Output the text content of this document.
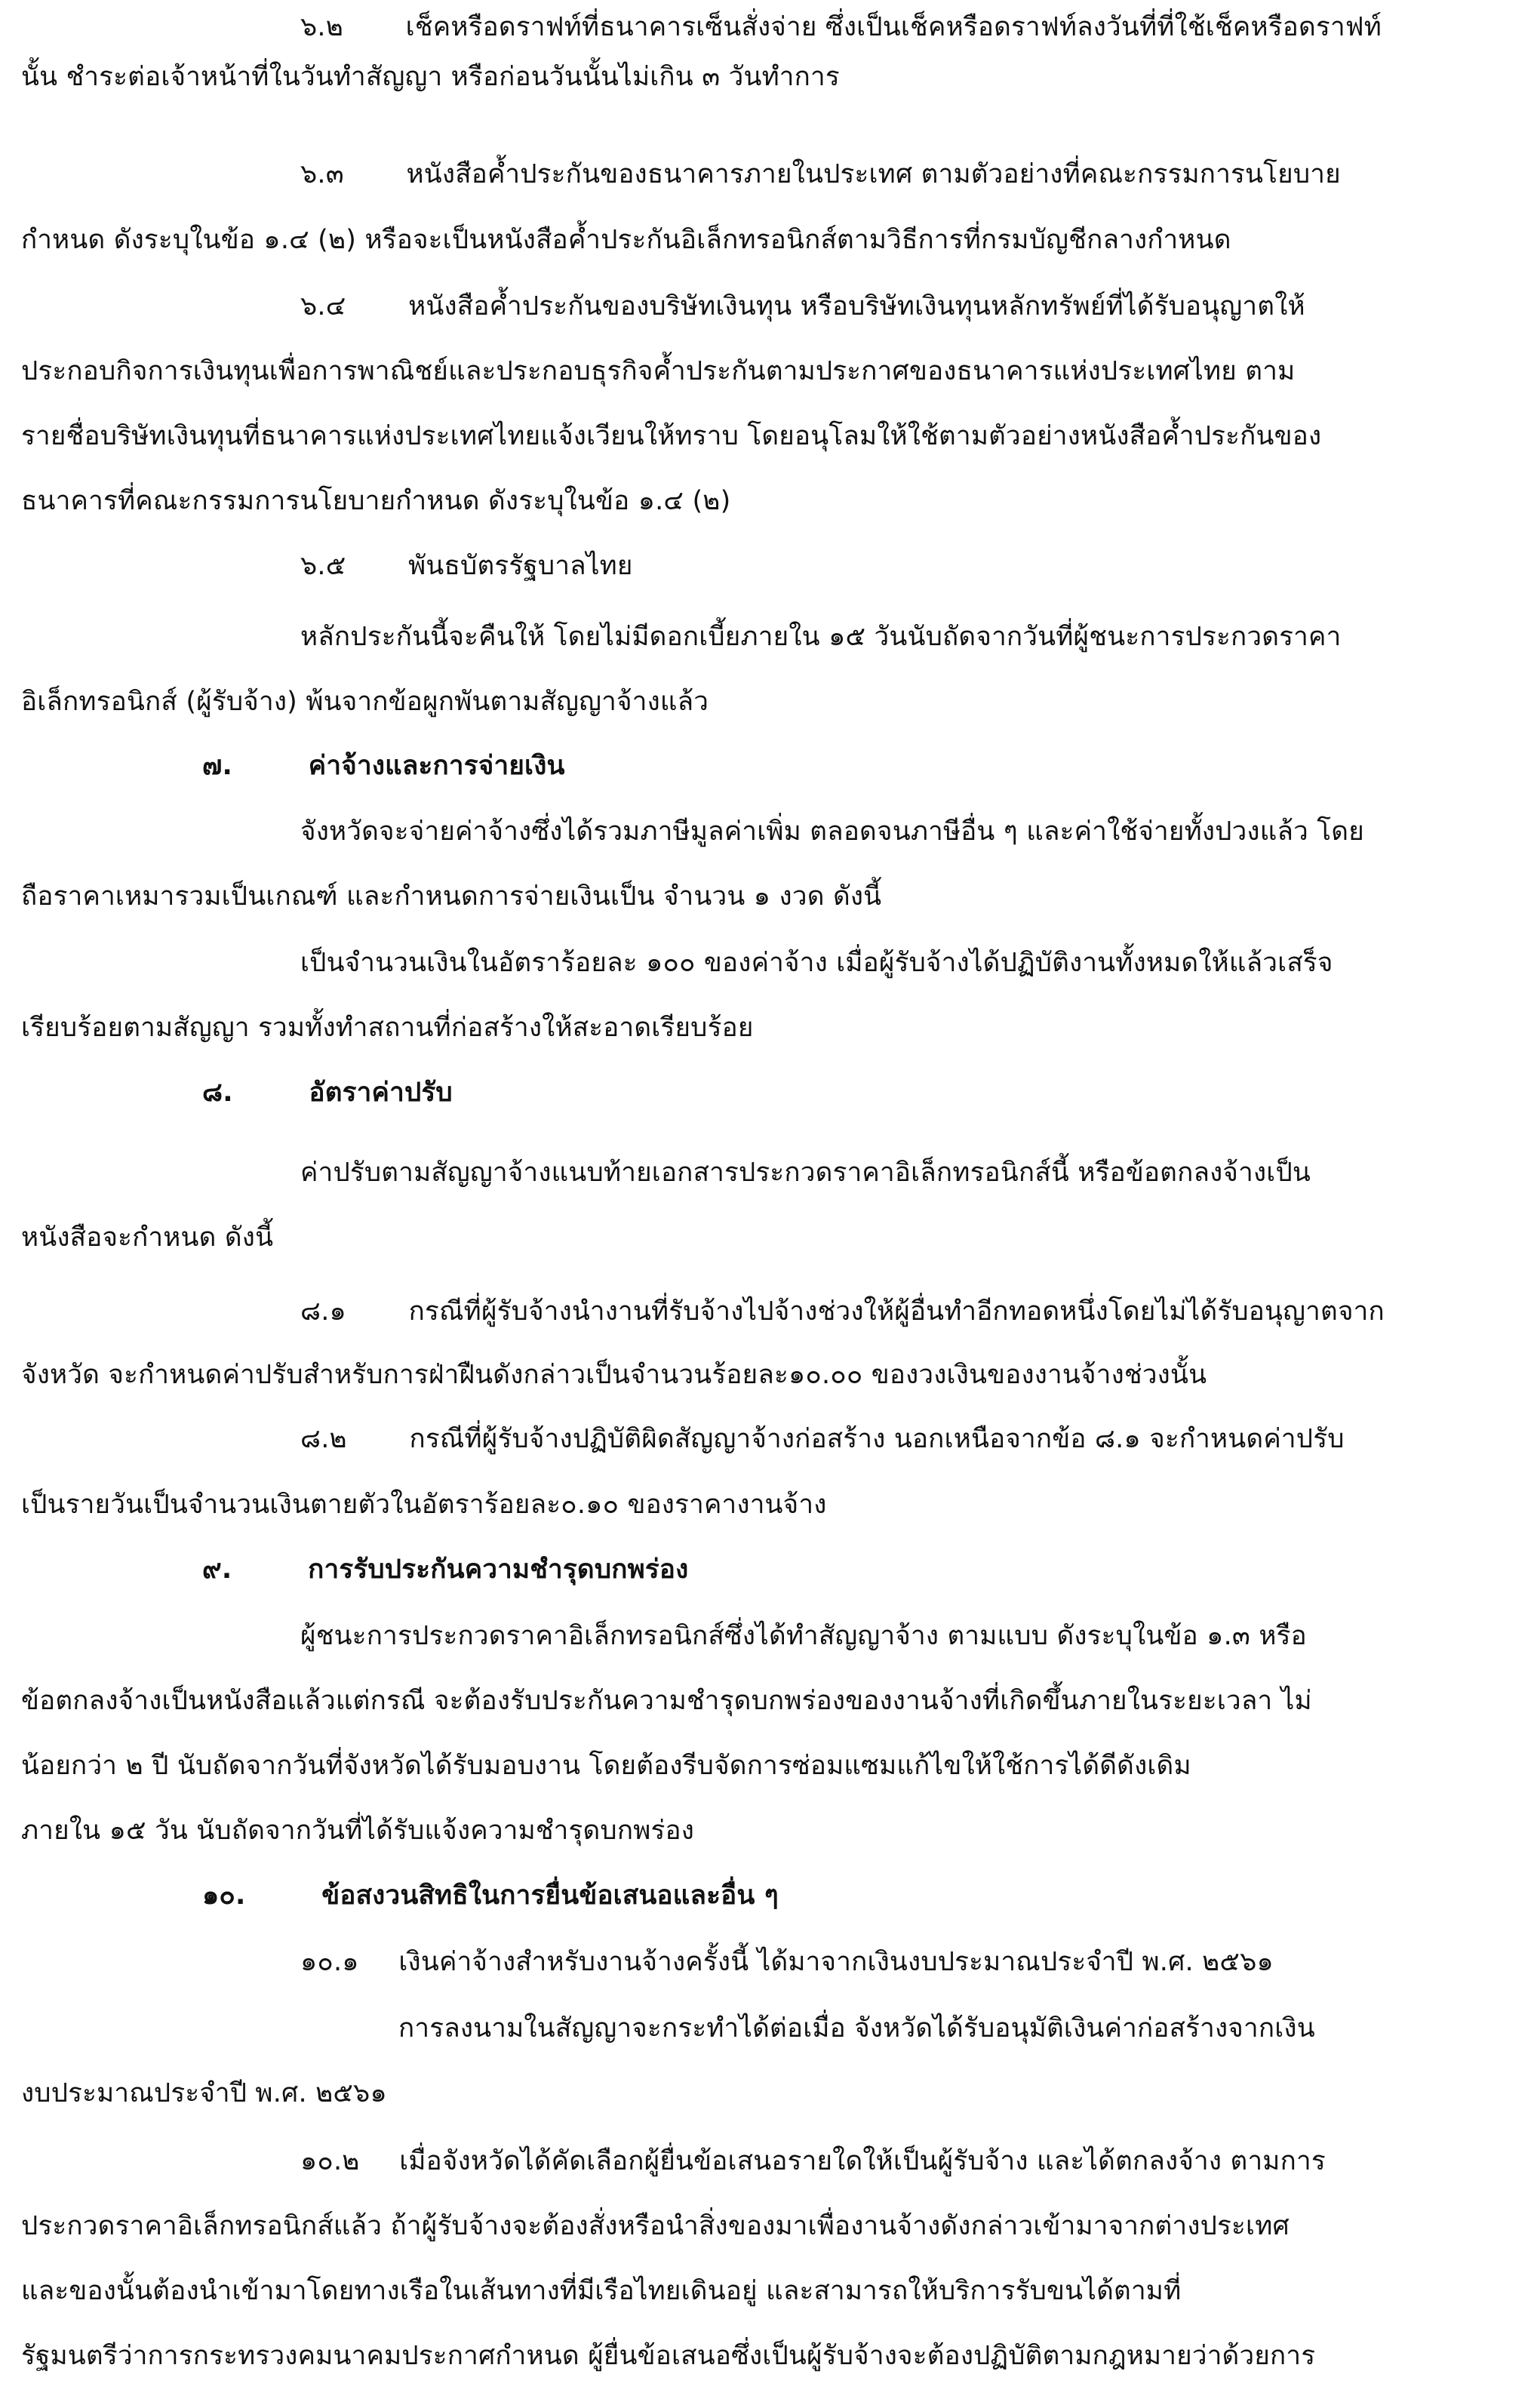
๖.๒ เช็คหรือดราฟท์ที่ธนาคารเซ็นสั่งจ่าย ซึ่งเป็นเช็คหรือดราฟท์ลงวันที่ที่ใช้เช็คหรือดราฟท์
นั้น ชำระต่อเจ้าหน้าที่ในวันทำสัญญา หรือก่อนวันนั้นไม่เกิน ๓ วันทำการ
๖.๓ หนังสือค้ำประกันของธนาคารภายในประเทศ ตามตัวอย่างที่คณะกรรมการนโยบาย
กำหนด ดังระบุในข้อ ๑.๔ (๒) หรือจะเป็นหนังสือค้ำประกันอิเล็กทรอนิกส์ตามวิธีการที่กรมบัญชีกลางกำหนด
๖.๔ หนังสือค้ำประกันของบริษัทเงินทุน หรือบริษัทเงินทุนหลักทรัพย์ที่ได้รับอนุญาตให้
ประกอบกิจการเงินทุนเพื่อการพาณิชย์และประกอบธุรกิจค้ำประกันตามประกาศของธนาคารแห่งประเทศไทย ตาม
รายชื่อบริษัทเงินทุนที่ธนาคารแห่งประเทศไทยแจ้งเวียนให้ทราบ โดยอนุโลมให้ใช้ตามตัวอย่างหนังสือค้ำประกันของ
ธนาคารที่คณะกรรมการนโยบายกำหนด ดังระบุในข้อ ๑.๔ (๒)
๖.๕ พันธบัตรรัฐบาลไทย
หลักประกันนี้จะคืนให้ โดยไม่มีดอกเบี้ยภายใน ๑๕ วันนับถัดจากวันที่ผู้ชนะการประกวดราคา
อิเล็กทรอนิกส์ (ผู้รับจ้าง) พ้นจากข้อผูกพันตามสัญญาจ้างแล้ว
๗.	ค่าจ้างและการจ่ายเงิน
จังหวัดจะจ่ายค่าจ้างซึ่งได้รวมภาษีมูลค่าเพิ่ม ตลอดจนภาษีอื่น ๆ และค่าใช้จ่ายทั้งปวงแล้ว โดย
ถือราคาเหมารวมเป็นเกณฑ์ และกำหนดการจ่ายเงินเป็น จำนวน ๑ งวด ดังนี้
เป็นจำนวนเงินในอัตราร้อยละ ๑๐๐ ของค่าจ้าง เมื่อผู้รับจ้างได้ปฏิบัติงานทั้งหมดให้แล้วเสร็จ
เรียบร้อยตามสัญญา รวมทั้งทำสถานที่ก่อสร้างให้สะอาดเรียบร้อย
๘.	อัตราค่าปรับ
ค่าปรับตามสัญญาจ้างแนบท้ายเอกสารประกวดราคาอิเล็กทรอนิกส์นี้ หรือข้อตกลงจ้างเป็น
หนังสือจะกำหนด ดังนี้
๘.๑ กรณีที่ผู้รับจ้างนำงานที่รับจ้างไปจ้างช่วงให้ผู้อื่นทำอีกทอดหนึ่งโดยไม่ได้รับอนุญาตจาก
จังหวัด จะกำหนดค่าปรับสำหรับการฝ่าฝืนดังกล่าวเป็นจำนวนร้อยละ๑๐.๐๐ ของวงเงินของงานจ้างช่วงนั้น
๘.๒ กรณีที่ผู้รับจ้างปฏิบัติผิดสัญญาจ้างก่อสร้าง นอกเหนือจากข้อ ๘.๑ จะกำหนดค่าปรับ
เป็นรายวันเป็นจำนวนเงินตายตัวในอัตราร้อยละ๐.๑๐ ของราคางานจ้าง
๙.	การรับประกันความชำรุดบกพร่อง
ผู้ชนะการประกวดราคาอิเล็กทรอนิกส์ซึ่งได้ทำสัญญาจ้าง ตามแบบ ดังระบุในข้อ ๑.๓ หรือ
ข้อตกลงจ้างเป็นหนังสือแล้วแต่กรณี จะต้องรับประกันความชำรุดบกพร่องของงานจ้างที่เกิดขึ้นภายในระยะเวลา ไม่
น้อยกว่า ๒ ปี นับถัดจากวันที่จังหวัดได้รับมอบงาน โดยต้องรีบจัดการซ่อมแซมแก้ไขให้ใช้การได้ดีดังเดิม
ภายใน ๑๕ วัน นับถัดจากวันที่ได้รับแจ้งความชำรุดบกพร่อง
๑๐.	ข้อสงวนสิทธิในการยื่นข้อเสนอและอื่น ๆ
๑๐.๑ เงินค่าจ้างสำหรับงานจ้างครั้งนี้ ได้มาจากเงินงบประมาณประจำปี พ.ศ. ๒๕๖๑
การลงนามในสัญญาจะกระทำได้ต่อเมื่อ จังหวัดได้รับอนุมัติเงินค่าก่อสร้างจากเงิน
งบประมาณประจำปี พ.ศ. ๒๕๖๑
๑๐.๒ เมื่อจังหวัดได้คัดเลือกผู้ยื่นข้อเสนอรายใดให้เป็นผู้รับจ้าง และได้ตกลงจ้าง ตามการ
ประกวดราคาอิเล็กทรอนิกส์แล้ว ถ้าผู้รับจ้างจะต้องสั่งหรือนำสิ่งของมาเพื่องานจ้างดังกล่าวเข้ามาจากต่างประเทศ
และของนั้นต้องนำเข้ามาโดยทางเรือในเส้นทางที่มีเรือไทยเดินอยู่ และสามารถให้บริการรับขนได้ตามที่
รัฐมนตรีว่าการกระทรวงคมนาคมประกาศกำหนด ผู้ยื่นข้อเสนอซึ่งเป็นผู้รับจ้างจะต้องปฏิบัติตามกฎหมายว่าด้วยการ
